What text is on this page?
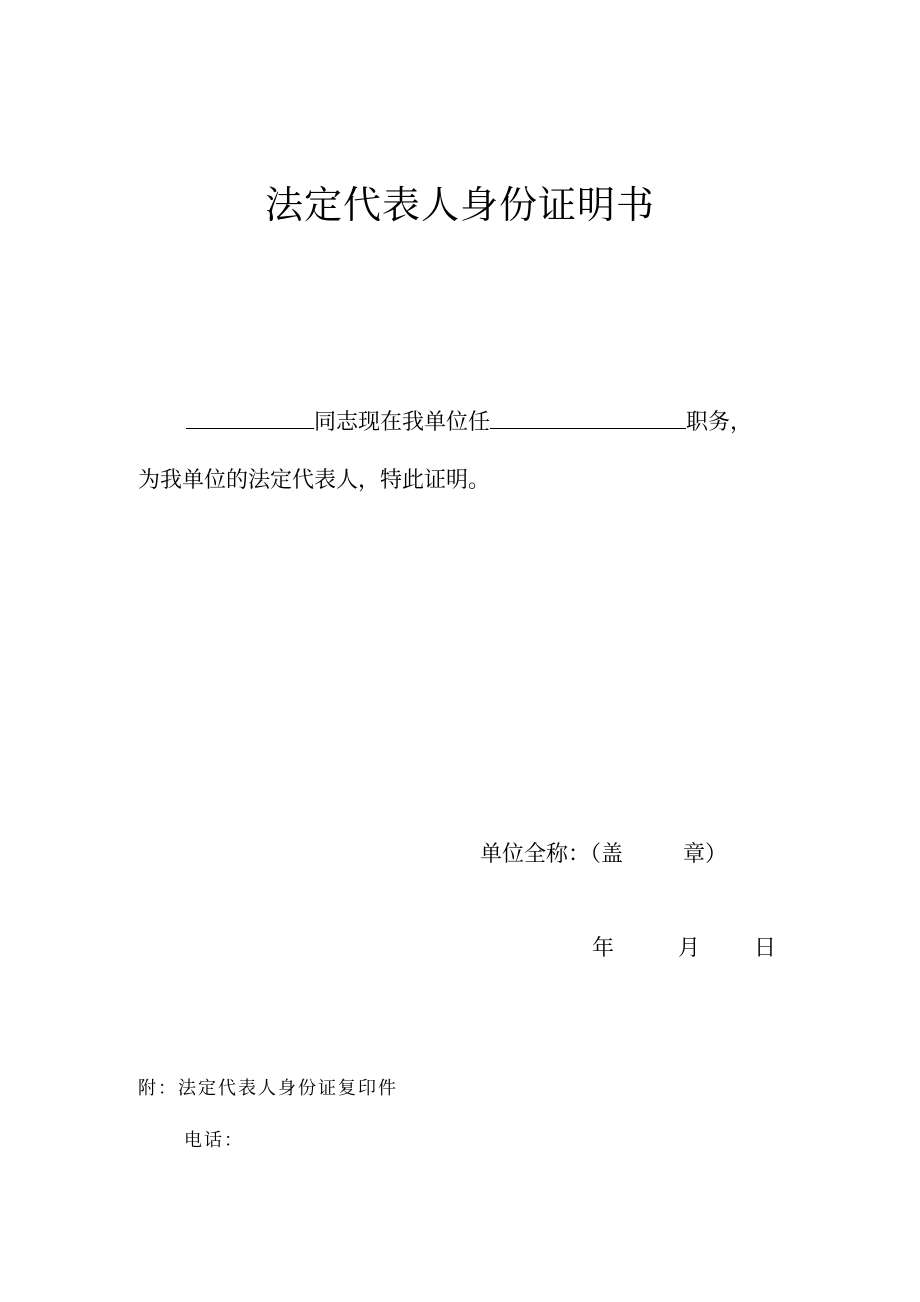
法定代表人身份证明书
同志现在我单位任	职务，
为我单位的法定代表人，特此证明。
单位全称：（盖	章）
年	月 日
附：法定代表人身份证复印件
电话：
